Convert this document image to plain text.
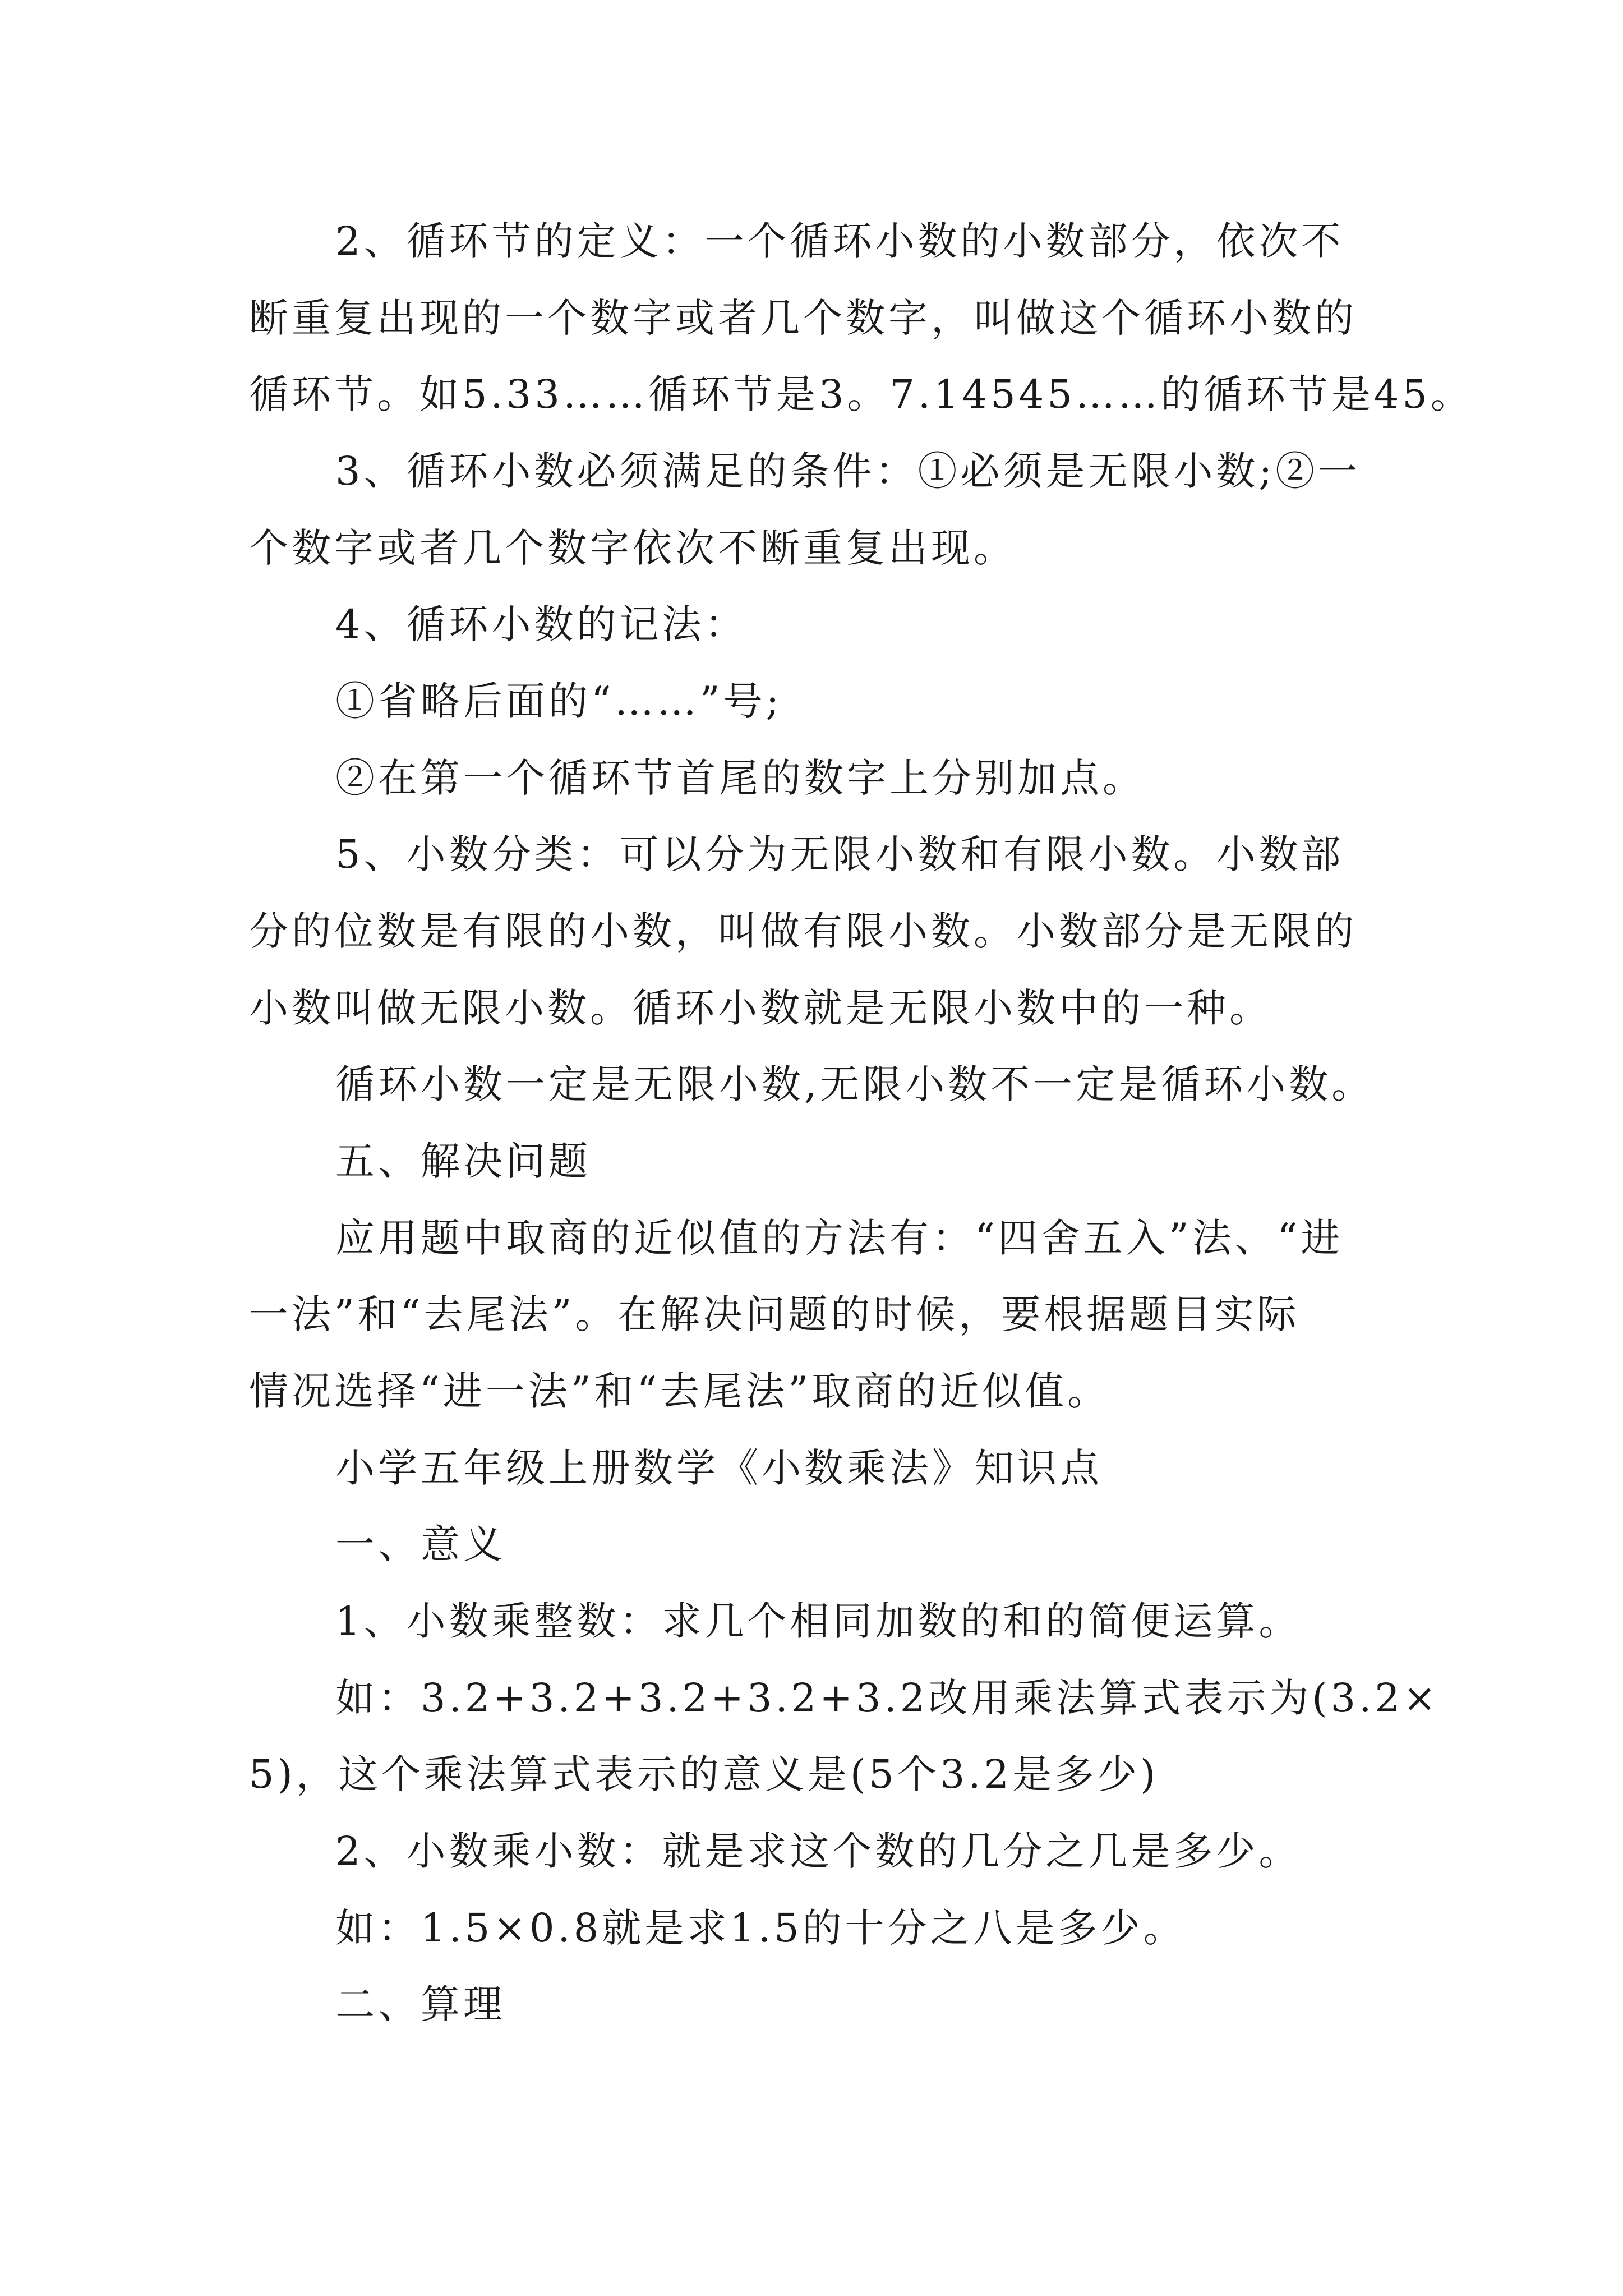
2、循环节的定义：一个循环小数的小数部分，依次不
断重复出现的一个数字或者几个数字，叫做这个循环小数的
循环节。如5.33……循环节是3。7.14545……的循环节是45。
3、循环小数必须满足的条件：①必须是无限小数;②一
个数字或者几个数字依次不断重复出现。
4、循环小数的记法：
①省略后面的“……”号;
②在第一个循环节首尾的数字上分别加点。
5、小数分类：可以分为无限小数和有限小数。小数部
分的位数是有限的小数，叫做有限小数。小数部分是无限的
小数叫做无限小数。循环小数就是无限小数中的一种。
循环小数一定是无限小数,无限小数不一定是循环小数。
五、解决问题
应用题中取商的近似值的方法有：“四舍五入”法、“进
一法”和“去尾法”。在解决问题的时候，要根据题目实际
情况选择“进一法”和“去尾法”取商的近似值。
小学五年级上册数学《小数乘法》知识点
一、意义
1、小数乘整数：求几个相同加数的和的简便运算。
如：3.2+3.2+3.2+3.2+3.2改用乘法算式表示为(3.2×
5)，这个乘法算式表示的意义是(5个3.2是多少)
2、小数乘小数：就是求这个数的几分之几是多少。
如：1.5×0.8就是求1.5的十分之八是多少。
二、算理
